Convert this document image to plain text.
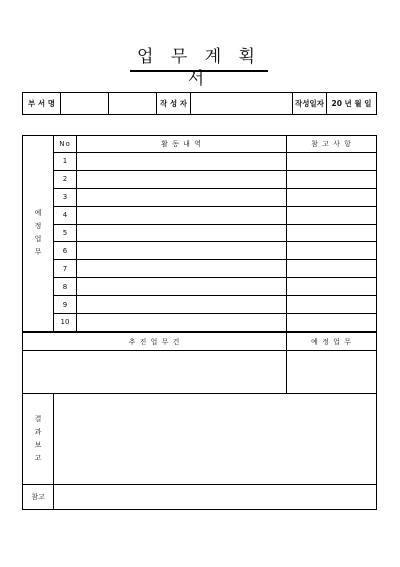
업 무 계 획 서
부 서 명			작 성 자		작성일자	20 년 월 일
예
정
업
무	No	활 동 내 역	참 고 사 항
	1		
	2		
	3		
	4		
	5		
	6		
	7		
	8		
	9		
	10		
추 진 업 무 건		예 정 업 무

결
과
보
고		

참고		
